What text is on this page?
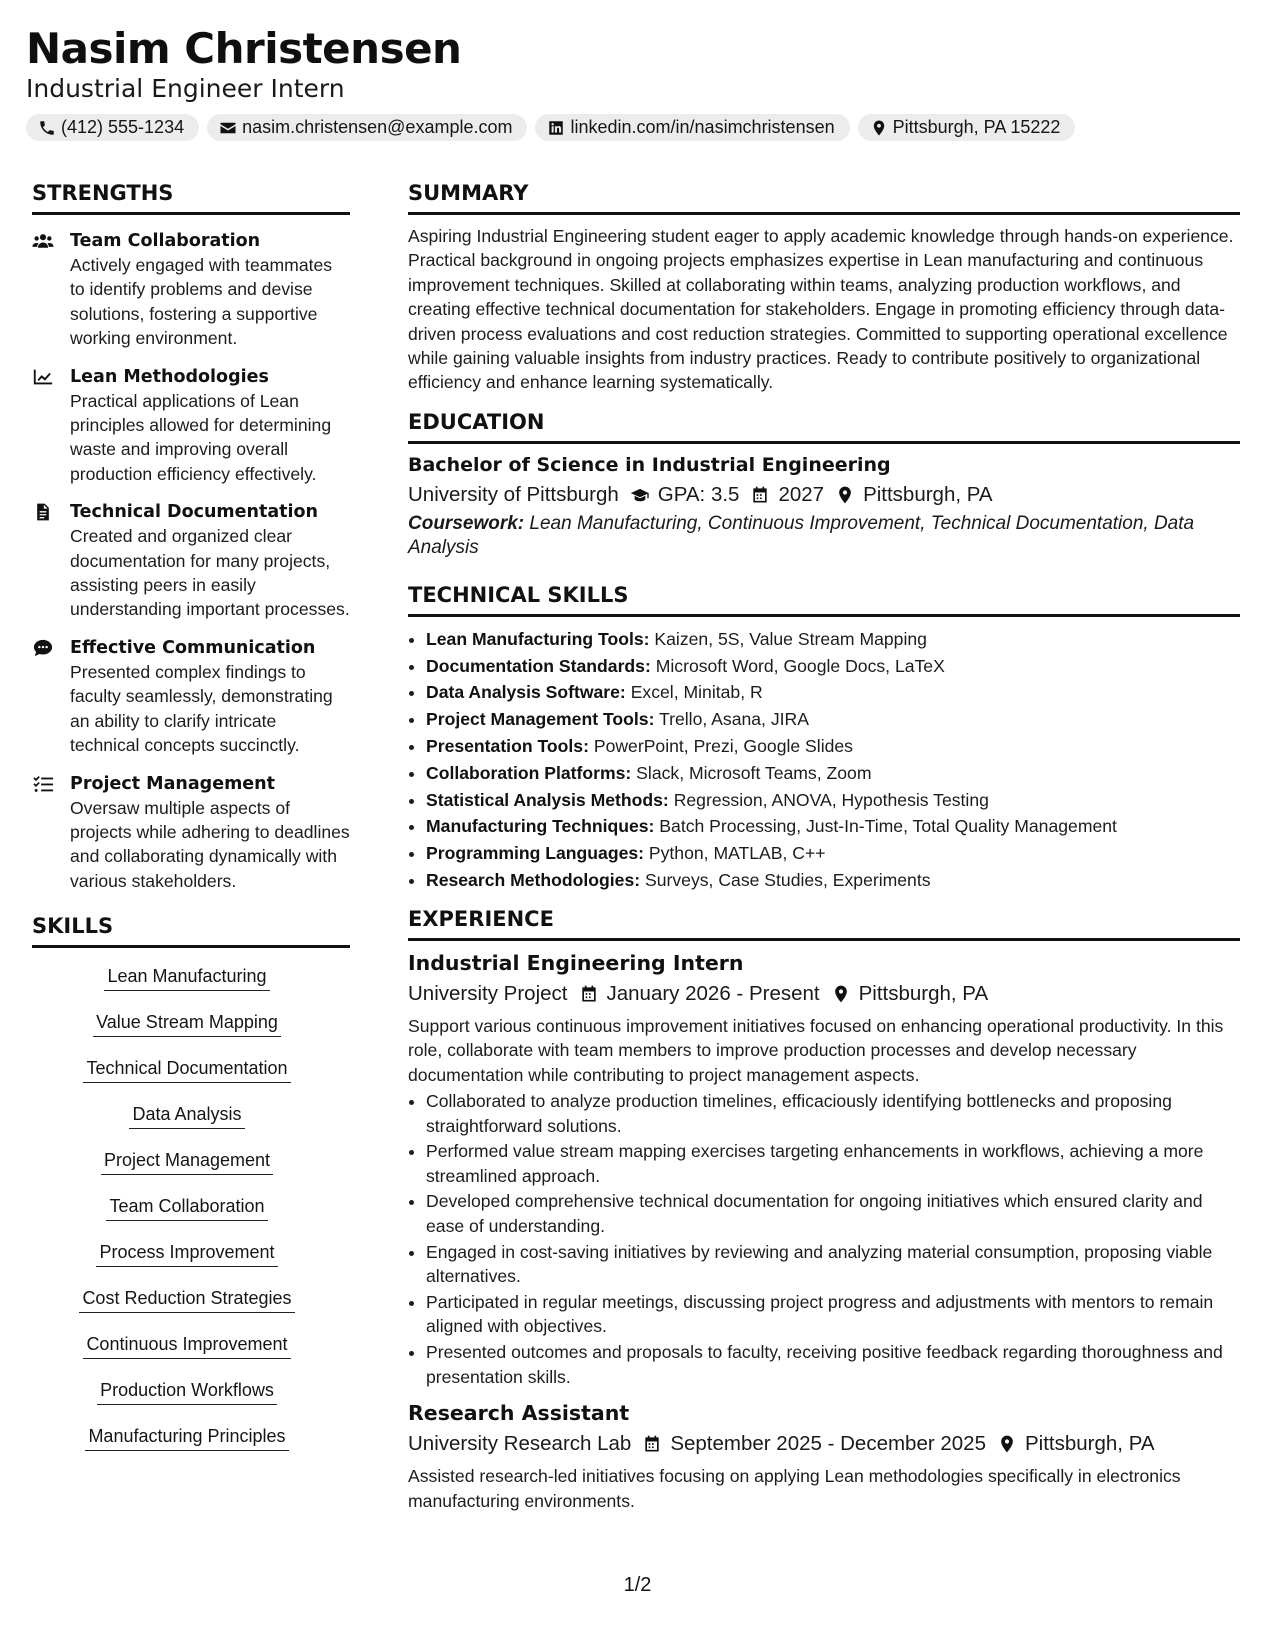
Nasim Christensen
Industrial Engineer Intern
(412) 555-1234	nasim.christensen@example.com	linkedin.com/in/nasimchristensen	Pittsburgh, PA 15222
STRENGTHS
Team Collaboration
Actively engaged with teammates to identify problems and devise solutions, fostering a supportive working environment.
Lean Methodologies
Practical applications of Lean principles allowed for determining waste and improving overall production efficiency effectively.
Technical Documentation
Created and organized clear documentation for many projects, assisting peers in easily understanding important processes.
Effective Communication
Presented complex findings to faculty seamlessly, demonstrating an ability to clarify intricate technical concepts succinctly.
Project Management
Oversaw multiple aspects of projects while adhering to deadlines and collaborating dynamically with various stakeholders.
SKILLS
Lean Manufacturing
Value Stream Mapping
Technical Documentation
Data Analysis
Project Management
Team Collaboration
Process Improvement
Cost Reduction Strategies
Continuous Improvement
Production Workflows
Manufacturing Principles
SUMMARY
Aspiring Industrial Engineering student eager to apply academic knowledge through hands-on experience. Practical background in ongoing projects emphasizes expertise in Lean manufacturing and continuous improvement techniques. Skilled at collaborating within teams, analyzing production workflows, and creating effective technical documentation for stakeholders. Engage in promoting efficiency through data-driven process evaluations and cost reduction strategies. Committed to supporting operational excellence while gaining valuable insights from industry practices. Ready to contribute positively to organizational efficiency and enhance learning systematically.
EDUCATION
Bachelor of Science in Industrial Engineering
University of Pittsburgh GPA: 3.5 2027 Pittsburgh, PA
Coursework: Lean Manufacturing, Continuous Improvement, Technical Documentation, Data Analysis
TECHNICAL SKILLS
• Lean Manufacturing Tools: Kaizen, 5S, Value Stream Mapping
• Documentation Standards: Microsoft Word, Google Docs, LaTeX
• Data Analysis Software: Excel, Minitab, R
• Project Management Tools: Trello, Asana, JIRA
• Presentation Tools: PowerPoint, Prezi, Google Slides
• Collaboration Platforms: Slack, Microsoft Teams, Zoom
• Statistical Analysis Methods: Regression, ANOVA, Hypothesis Testing
• Manufacturing Techniques: Batch Processing, Just-In-Time, Total Quality Management
• Programming Languages: Python, MATLAB, C++
• Research Methodologies: Surveys, Case Studies, Experiments
EXPERIENCE
Industrial Engineering Intern
University Project January 2026 - Present Pittsburgh, PA
Support various continuous improvement initiatives focused on enhancing operational productivity. In this role, collaborate with team members to improve production processes and develop necessary documentation while contributing to project management aspects.
• Collaborated to analyze production timelines, efficaciously identifying bottlenecks and proposing straightforward solutions.
• Performed value stream mapping exercises targeting enhancements in workflows, achieving a more streamlined approach.
• Developed comprehensive technical documentation for ongoing initiatives which ensured clarity and ease of understanding.
• Engaged in cost-saving initiatives by reviewing and analyzing material consumption, proposing viable alternatives.
• Participated in regular meetings, discussing project progress and adjustments with mentors to remain aligned with objectives.
• Presented outcomes and proposals to faculty, receiving positive feedback regarding thoroughness and presentation skills.
Research Assistant
University Research Lab September 2025 - December 2025 Pittsburgh, PA
Assisted research-led initiatives focusing on applying Lean methodologies specifically in electronics manufacturing environments.
1/2
